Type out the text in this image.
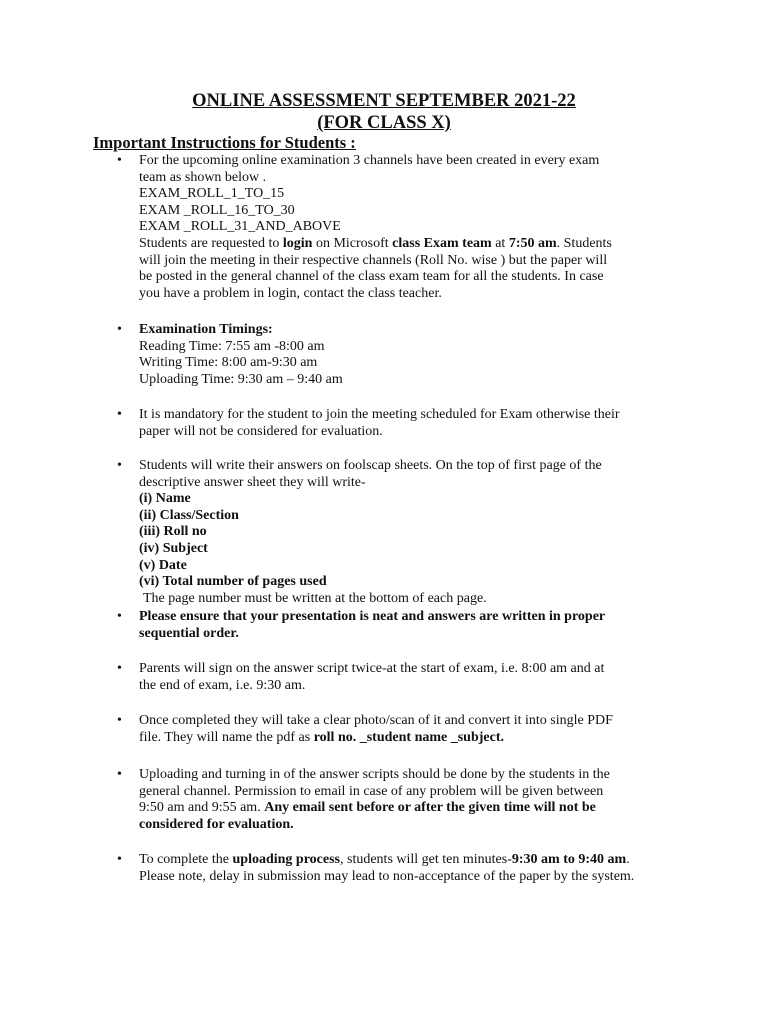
ONLINE ASSESSMENT SEPTEMBER 2021-22
(FOR CLASS X)
Important Instructions for Students :
•	For the upcoming online examination 3 channels have been created in every exam
team as shown below .
EXAM_ROLL_1_TO_15
EXAM _ROLL_16_TO_30
EXAM _ROLL_31_AND_ABOVE
Students are requested to login on Microsoft class Exam team at 7:50 am. Students
will join the meeting in their respective channels (Roll No. wise ) but the paper will
be posted in the general channel of the class exam team for all the students. In case
you have a problem in login, contact the class teacher.
•	Examination Timings:
Reading Time: 7:55 am -8:00 am
Writing Time: 8:00 am-9:30 am
Uploading Time: 9:30 am – 9:40 am
•	It is mandatory for the student to join the meeting scheduled for Exam otherwise their
paper will not be considered for evaluation.
•	Students will write their answers on foolscap sheets. On the top of first page of the
descriptive answer sheet they will write-
(i) Name
(ii) Class/Section
(iii) Roll no
(iv) Subject
(v) Date
(vi) Total number of pages used
The page number must be written at the bottom of each page.
•	Please ensure that your presentation is neat and answers are written in proper
sequential order.
•	Parents will sign on the answer script twice-at the start of exam, i.e. 8:00 am and at
the end of exam, i.e. 9:30 am.
•	Once completed they will take a clear photo/scan of it and convert it into single PDF
file. They will name the pdf as roll no. _student name _subject.
•	Uploading and turning in of the answer scripts should be done by the students in the
general channel. Permission to email in case of any problem will be given between
9:50 am and 9:55 am. Any email sent before or after the given time will not be
considered for evaluation.
•	To complete the uploading process, students will get ten minutes-9:30 am to 9:40 am.
Please note, delay in submission may lead to non-acceptance of the paper by the system.
